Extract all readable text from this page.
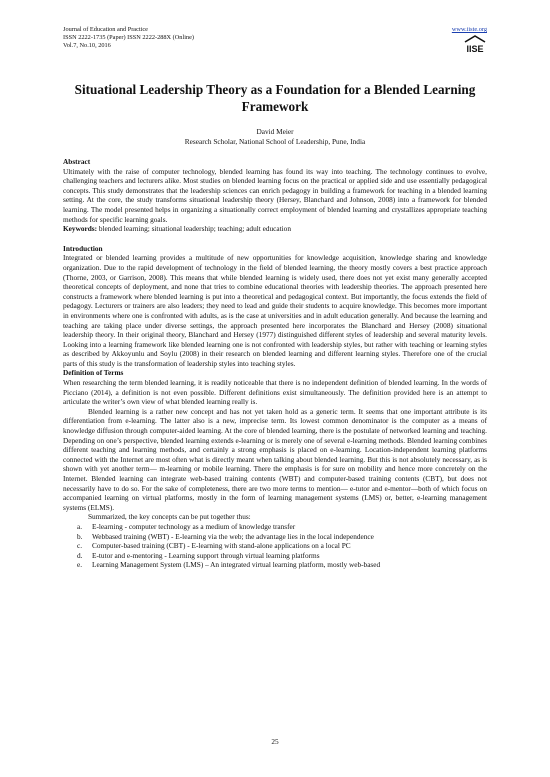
Journal of Education and Practice
ISSN 2222-1735 (Paper) ISSN 2222-288X (Online)
Vol.7, No.10, 2016
www.iiste.org
IISE
Situational Leadership Theory as a Foundation for a Blended Learning Framework
David Meier
Research Scholar, National School of Leadership, Pune, India
Abstract

Ultimately with the raise of computer technology, blended learning has found its way into teaching. The technology continues to evolve, challenging teachers and lecturers alike. Most studies on blended learning focus on the practical or applied side and use essentially pedagogical concepts. This study demonstrates that the leadership sciences can enrich pedagogy in building a framework for teaching in a blended learning setting. At the core, the study transforms situational leadership theory (Hersey, Blanchard and Johnson, 2008) into a framework for blended learning. The model presented helps in organizing a situationally correct employment of blended learning and crystallizes appropriate teaching methods for specific learning goals.

Keywords: blended learning; situational leadership; teaching; adult education

Introduction

Integrated or blended learning provides a multitude of new opportunities for knowledge acquisition, knowledge sharing and knowledge organization. Due to the rapid development of technology in the field of blended learning, the theory mostly covers a best practice approach (Thorne, 2003, or Garrison, 2008). This means that while blended learning is widely used, there does not yet exist many generally accepted theoretical concepts of deployment, and none that tries to combine educational theories with leadership theories. The approach presented here constructs a framework where blended learning is put into a theoretical and pedagogical context. But importantly, the focus extends the field of pedagogy. Lecturers or trainers are also leaders; they need to lead and guide their students to acquire knowledge. This becomes more important in environments where one is confronted with adults, as is the case at universities and in adult education generally. And because the learning and teaching are taking place under diverse settings, the approach presented here incorporates the Blanchard and Hersey (2008) situational leadership theory. In their original theory, Blanchard and Hersey (1977) distinguished different styles of leadership and several maturity levels. Looking into a learning framework like blended learning one is not confronted with leadership styles, but rather with teaching or learning styles as described by Akkoyunlu and Soylu (2008) in their research on blended learning and different learning styles. Therefore one of the crucial parts of this study is the transformation of leadership styles into teaching styles.

Definition of Terms

When researching the term blended learning, it is readily noticeable that there is no independent definition of blended learning. In the words of Picciano (2014), a definition is not even possible. Different definitions exist simultaneously. The definition provided here is an attempt to articulate the writer’s own view of what blended learning really is.

Blended learning is a rather new concept and has not yet taken hold as a generic term. It seems that one important attribute is its differentiation from e-learning. The latter also is a new, imprecise term. Its lowest common denominator is the computer as a means of knowledge diffusion through computer-aided learning. At the core of blended learning, there is the postulate of networked learning and teaching. Depending on one’s perspective, blended learning extends e-learning or is merely one of several e-learning methods. Blended learning combines different teaching and learning methods, and certainly a strong emphasis is placed on e-learning. Location-independent learning platforms connected with the Internet are most often what is directly meant when talking about blended learning. But this is not absolutely necessary, as is shown with yet another term— m-learning or mobile learning. There the emphasis is for sure on mobility and hence more concretely on the Internet. Blended learning can integrate web-based training contents (WBT) and computer-based training contents (CBT), but does not necessarily have to do so. For the sake of completeness, there are two more terms to mention— e-tutor and e-mentor—both of which focus on accompanied learning on virtual platforms, mostly in the form of learning management systems (LMS) or, better, e-learning management systems (ELMS).

Summarized, the key concepts can be put together thus:

a. E-learning - computer technology as a medium of knowledge transfer
b. Webbased training (WBT) - E-learning via the web; the advantage lies in the local independence
c. Computer-based training (CBT) - E-learning with stand-alone applications on a local PC
d. E-tutor and e-mentoring - Learning support through virtual learning platforms
e. Learning Management System (LMS) – An integrated virtual learning platform, mostly web-based
25
